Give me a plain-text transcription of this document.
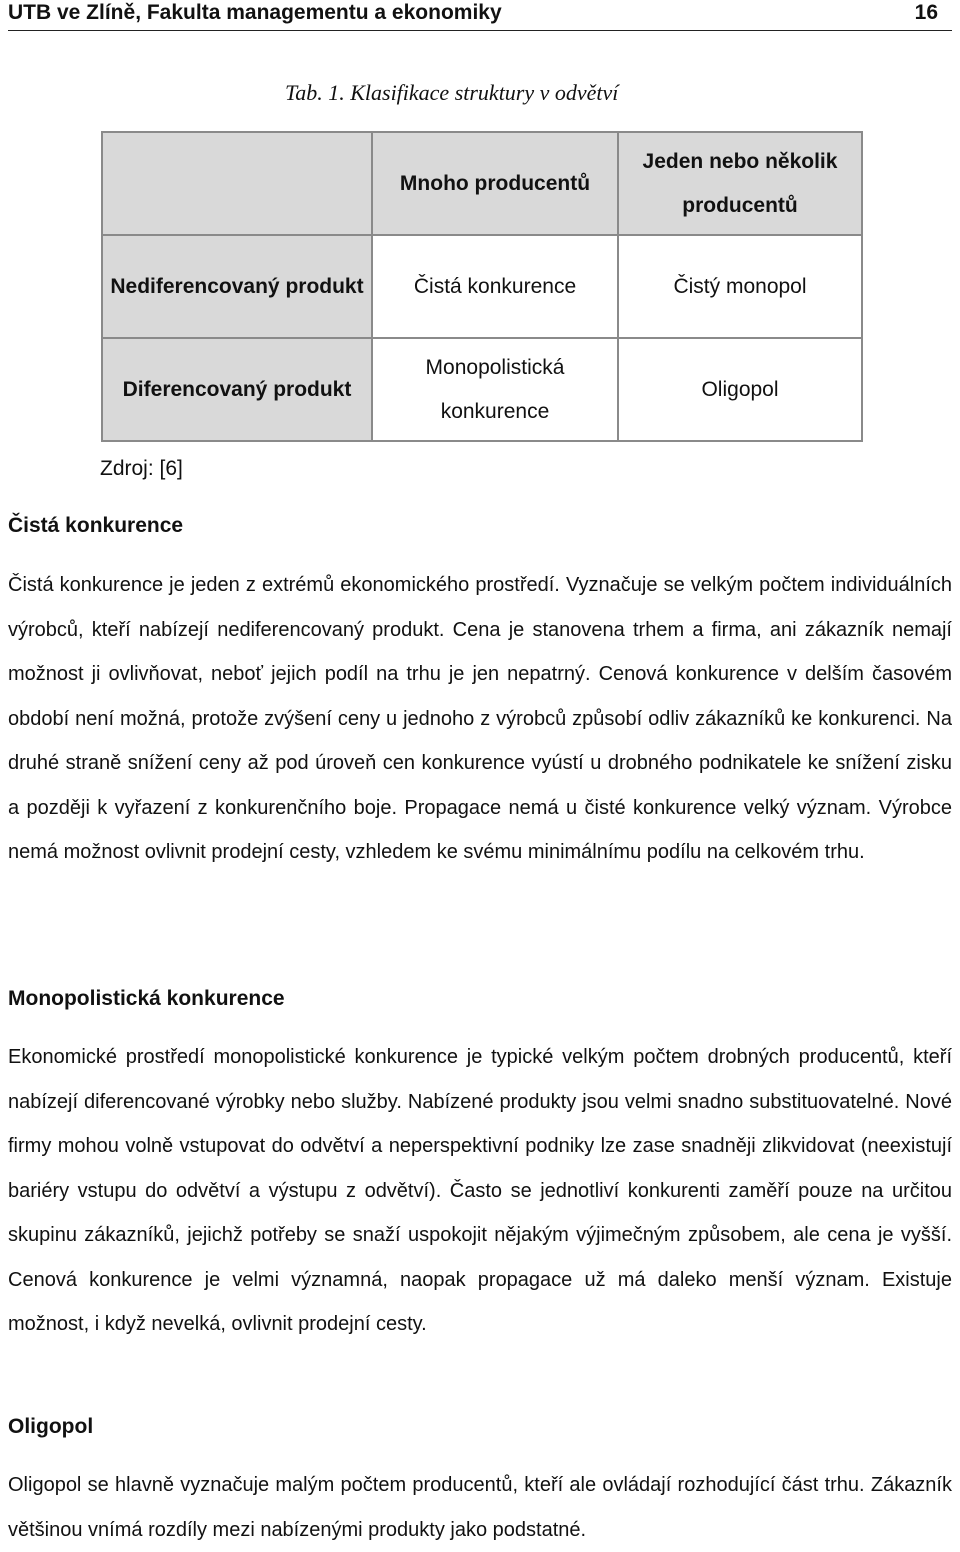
UTB ve Zlíně, Fakulta managementu a ekonomiky	16
Tab. 1. Klasifikace struktury v odvětví
	Mnoho producentů	Jeden nebo několik producentů
Nediferencovaný produkt	Čistá konkurence	Čistý monopol
Diferencovaný produkt	Monopolistická konkurence	Oligopol
Zdroj: [6]
Čistá konkurence

Čistá konkurence je jeden z extrémů ekonomického prostředí. Vyznačuje se velkým počtem individuálních výrobců, kteří nabízejí nediferencovaný produkt. Cena je stanovena trhem a firma, ani zákazník nemají možnost ji ovlivňovat, neboť jejich podíl na trhu je jen nepatrný. Cenová konkurence v delším časovém období není možná, protože zvýšení ceny u jednoho z výrobců způsobí odliv zákazníků ke konkurenci. Na druhé straně snížení ceny až pod úroveň cen konkurence vyústí u drobného podnikatele ke snížení zisku a později k vyřazení z konkurenčního boje. Propagace nemá u čisté konkurence velký význam. Výrobce nemá možnost ovlivnit prodejní cesty, vzhledem ke svému minimálnímu podílu na celkovém trhu.

Monopolistická konkurence

Ekonomické prostředí monopolistické konkurence je typické velkým počtem drobných producentů, kteří nabízejí diferencované výrobky nebo služby. Nabízené produkty jsou velmi snadno substituovatelné. Nové firmy mohou volně vstupovat do odvětví a neperspektivní podniky lze zase snadněji zlikvidovat (neexistují bariéry vstupu do odvětví a výstupu z odvětví). Často se jednotliví konkurenti zaměří pouze na určitou skupinu zákazníků, jejichž potřeby se snaží uspokojit nějakým výjimečným způsobem, ale cena je vyšší. Cenová konkurence je velmi významná, naopak propagace už má daleko menší význam. Existuje možnost, i když nevelká, ovlivnit prodejní cesty.

Oligopol

Oligopol se hlavně vyznačuje malým počtem producentů, kteří ale ovládají rozhodující část trhu. Zákazník většinou vnímá rozdíly mezi nabízenými produkty jako podstatné.
